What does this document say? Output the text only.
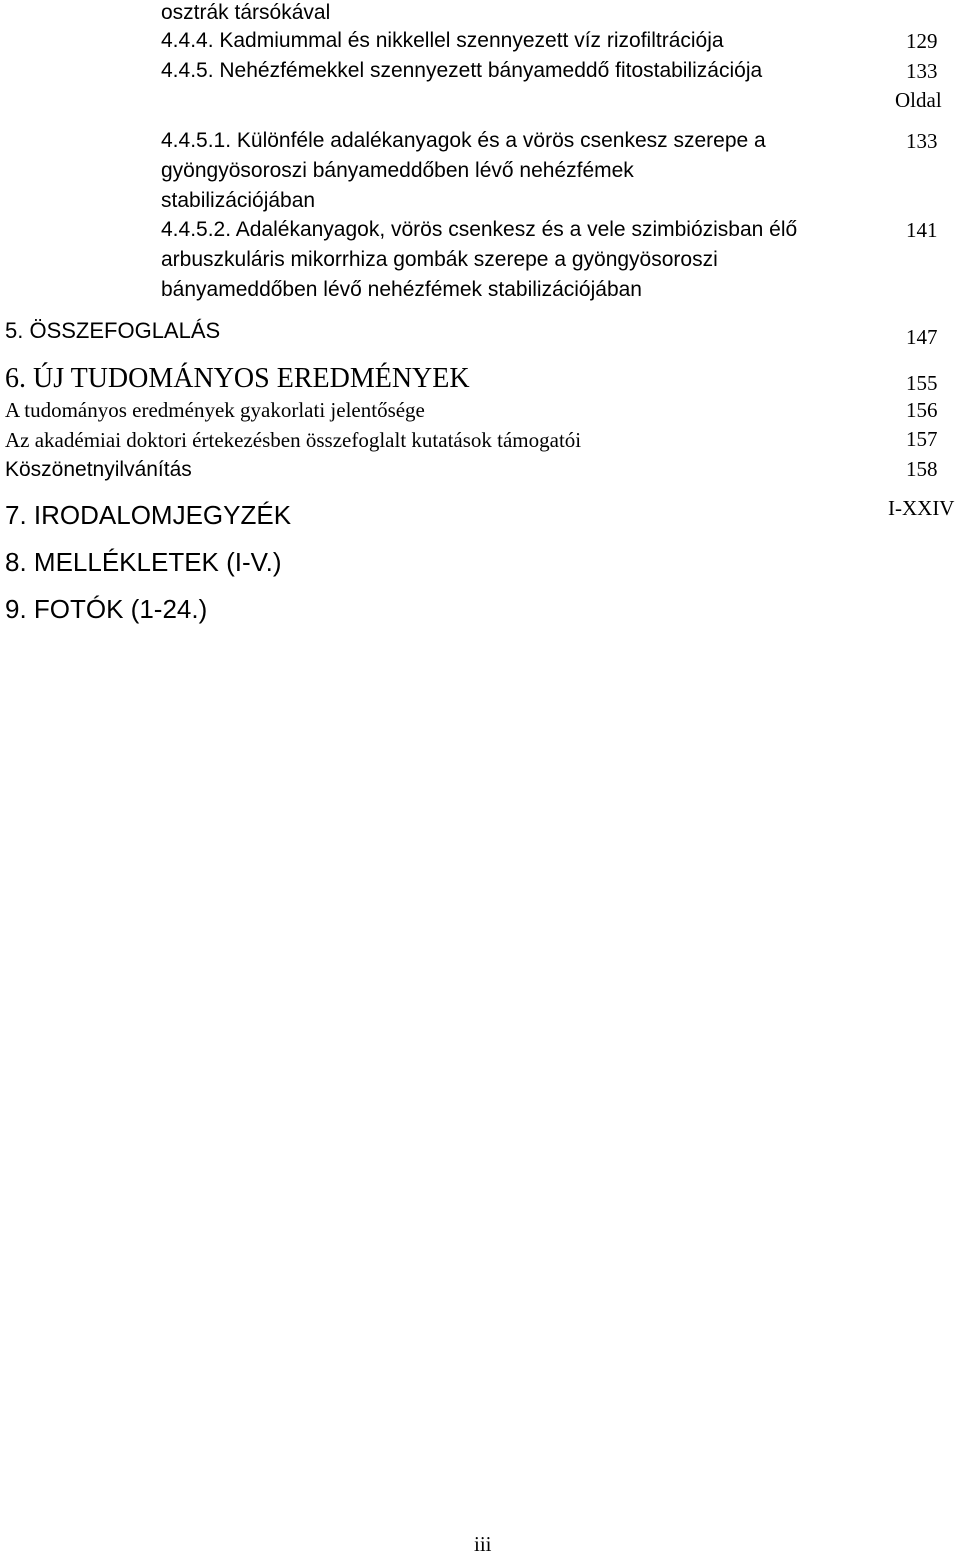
osztrák társókával
4.4.4. Kadmiummal és nikkellel szennyezett víz rizofiltrációja	129
4.4.5. Nehézfémekkel szennyezett bányameddő fitostabilizációja	133
Oldal
4.4.5.1. Különféle adalékanyagok és a vörös csenkesz szerepe a
gyöngyösoroszi bányameddőben lévő nehézfémek
stabilizációjában
133
4.4.5.2. Adalékanyagok, vörös csenkesz és a vele szimbiózisban élő
arbuszkuláris mikorrhiza gombák szerepe a gyöngyösoroszi
bányameddőben lévő nehézfémek stabilizációjában
141
5. ÖSSZEFOGLALÁS	147
6. ÚJ TUDOMÁNYOS EREDMÉNYEK	155
A tudományos eredmények gyakorlati jelentősége	156
Az akadémiai doktori értekezésben összefoglalt kutatások támogatói	157
Köszönetnyilvánítás	158
7. IRODALOMJEGYZÉK	I-XXIV
8. MELLÉKLETEK (I-V.)
9. FOTÓK (1-24.)
iii
